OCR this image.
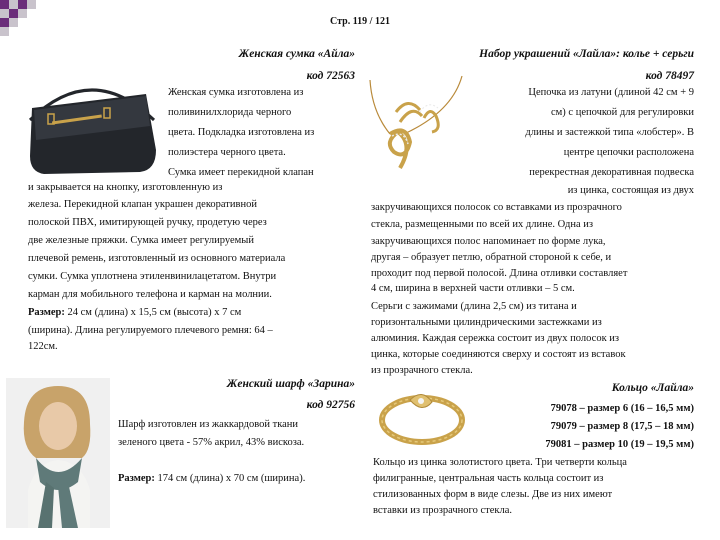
Стр. 119 / 121
Женская сумка «Айла»
код 72563
Женская сумка изготовлена из
поливинилхлорида черного
цвета. Подкладка изготовлена из
полиэстера черного цвета.
Сумка имеет перекидной клапан
и закрывается на кнопку, изготовленную из
железа. Перекидной клапан украшен декоративной
полоской ПВХ, имитирующей ручку, продетую через
две железные пряжки. Сумка имеет регулируемый
плечевой ремень, изготовленный из основного материала
сумки. Сумка уплотнена этиленвинилацетатом. Внутри
карман для мобильного телефона и карман на молнии.
Размер: 24 см (длина) х 15,5 см (высота) х 7 см
(ширина). Длина регулируемого плечевого ремня: 64 –
122см.
Женский шарф «Зарина»
код 92756
Шарф изготовлен из жаккардовой ткани
зеленого цвета - 57% акрил, 43% вискоза.
Размер: 174 см (длина) х 70 см (ширина).
Набор украшений «Лайла»: колье + серьги
код 78497
Цепочка из латуни (длиной 42 см + 9
см) с цепочкой для регулировки
длины и застежкой типа «лобстер». В
центре цепочки расположена
перекрестная декоративная подвеска
из цинка, состоящая из двух
закручивающихся полосок со вставками из прозрачного
стекла, размещенными по всей их длине. Одна из
закручивающихся полос напоминает по форме лука,
другая – образует петлю, обратной стороной к себе, и
проходит под первой полосой. Длина отливки составляет
4 см, ширина в верхней части отливки – 5 см.
Серьги с зажимами (длина 2,5 см) из титана и
горизонтальными цилиндрическими застежками из
алюминия. Каждая сережка состоит из двух полосок из
цинка, которые соединяются сверху и состоят из вставок
из прозрачного стекла.
Кольцо «Лайла»
79078 – размер 6 (16 – 16,5 мм)
79079 – размер 8 (17,5 – 18 мм)
79081 – размер 10 (19 – 19,5 мм)
Кольцо из цинка золотистого цвета. Три четверти кольца
филигранные, центральная часть кольца состоит из
стилизованных форм в виде слезы. Две из них имеют
вставки из прозрачного стекла.
